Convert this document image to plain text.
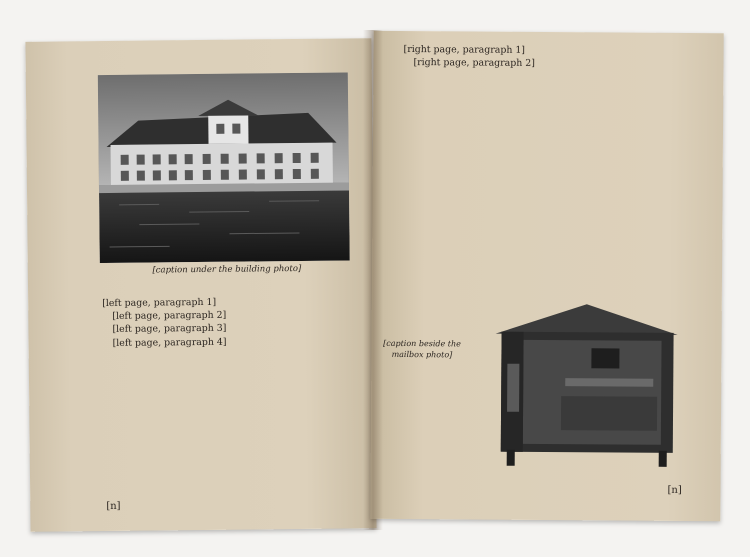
[caption under the building photo]

[left page, paragraph 1]

[left page, paragraph 2]

[left page, paragraph 3]

[left page, paragraph 4]

[n]

[right page, paragraph 1]

[right page, paragraph 2]

[caption beside the mailbox photo]
[n]
